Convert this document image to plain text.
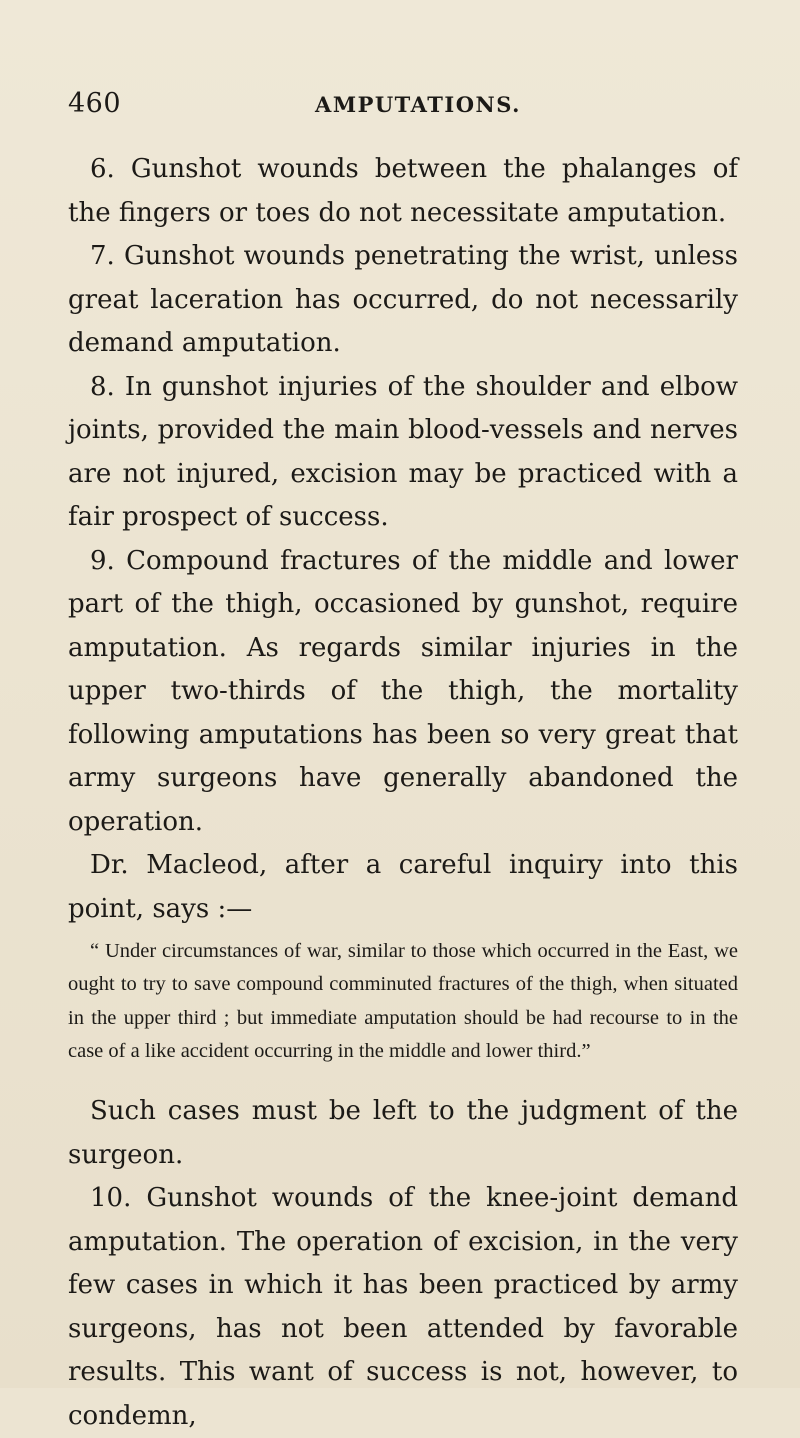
460	AMPUTATIONS.

6. Gunshot wounds between the phalanges of the fingers or toes do not necessitate amputation.

7. Gunshot wounds penetrating the wrist, unless great laceration has occurred, do not necessarily demand amputation.

8. In gunshot injuries of the shoulder and elbow joints, provided the main blood-vessels and nerves are not injured, excision may be practiced with a fair prospect of success.

9. Compound fractures of the middle and lower part of the thigh, occasioned by gunshot, require amputation. As regards similar injuries in the upper two-thirds of the thigh, the mortality following amputations has been so very great that army surgeons have generally abandoned the operation.

Dr. Macleod, after a careful inquiry into this point, says :—

“ Under circumstances of war, similar to those which occurred in the East, we ought to try to save compound comminuted fractures of the thigh, when situated in the upper third ; but immediate amputation should be had recourse to in the case of a like accident occurring in the middle and lower third.”

Such cases must be left to the judgment of the surgeon.

10. Gunshot wounds of the knee-joint demand amputation. The operation of excision, in the very few cases in which it has been practiced by army surgeons, has not been attended by favorable results. This want of success is not, however, to condemn,
